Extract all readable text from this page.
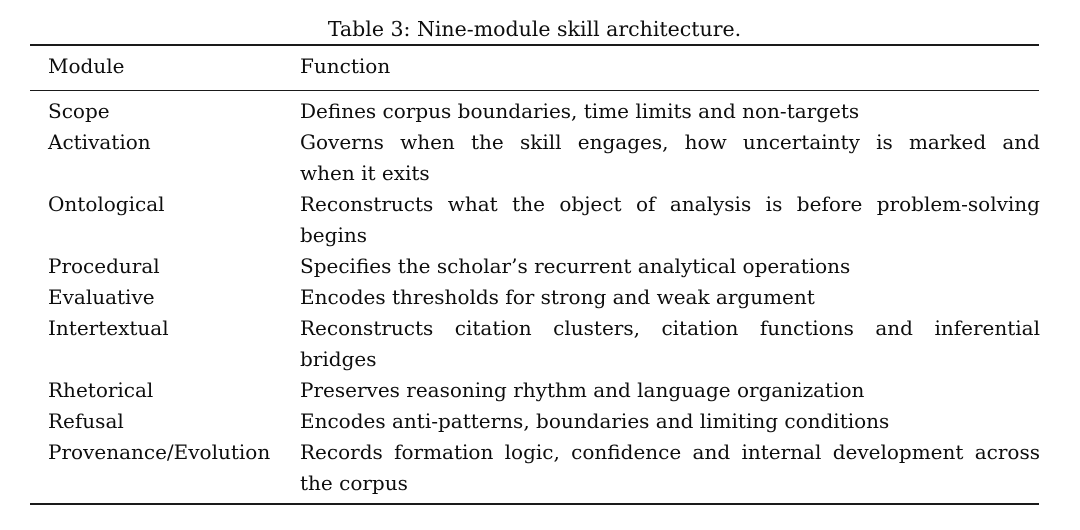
Table 3: Nine-module skill architecture.
Module	Function
Scope	Defines corpus boundaries, time limits and non-targets
Activation	Governs when the skill engages, how uncertainty is marked and
when it exits
Ontological	Reconstructs what the object of analysis is before problem-solving
begins
Procedural	Specifies the scholar’s recurrent analytical operations
Evaluative	Encodes thresholds for strong and weak argument
Intertextual	Reconstructs citation clusters, citation functions and inferential
bridges
Rhetorical	Preserves reasoning rhythm and language organization
Refusal	Encodes anti-patterns, boundaries and limiting conditions
Provenance/Evolution	Records formation logic, confidence and internal development across
the corpus
